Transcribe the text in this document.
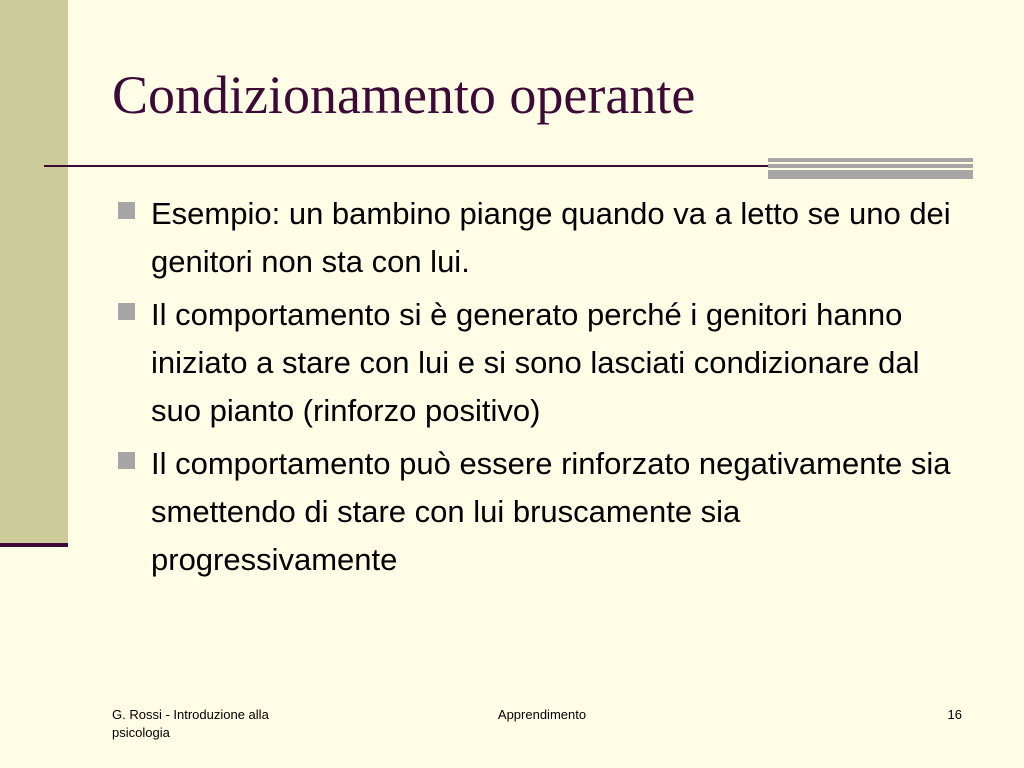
Condizionamento operante
Esempio: un bambino piange quando va a letto se uno dei genitori non sta con lui.
Il comportamento si è generato perché i genitori hanno iniziato a stare con lui e si sono lasciati condizionare dal suo pianto (rinforzo positivo)
Il comportamento può essere rinforzato negativamente sia smettendo di stare con lui bruscamente sia progressivamente
G. Rossi - Introduzione alla psicologia
Apprendimento	16
